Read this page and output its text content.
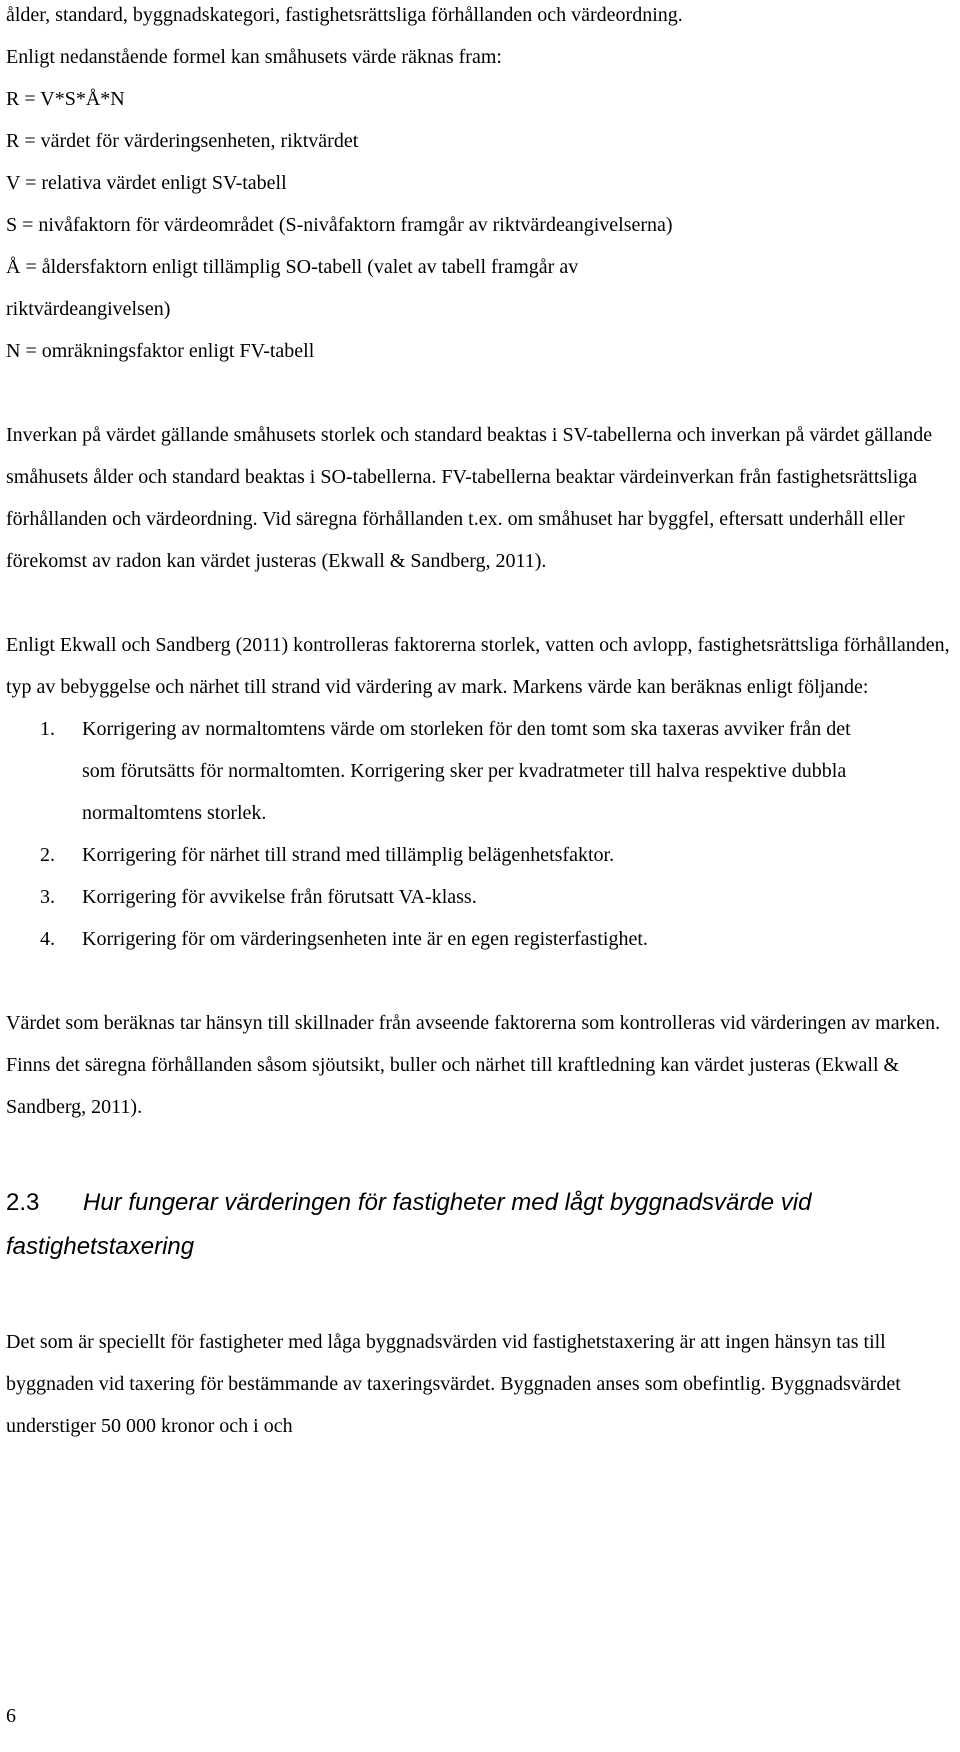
ålder, standard, byggnadskategori, fastighetsrättsliga förhållanden och värdeordning.
Enligt nedanstående formel kan småhusets värde räknas fram:
R = V*S*Å*N
R = värdet för värderingsenheten, riktvärdet
V = relativa värdet enligt SV-tabell
S = nivåfaktorn för värdeområdet (S-nivåfaktorn framgår av riktvärdeangivelserna)
Å = åldersfaktorn enligt tillämplig SO-tabell (valet av tabell framgår av
riktvärdeangivelsen)
N = omräkningsfaktor enligt FV-tabell
Inverkan på värdet gällande småhusets storlek och standard beaktas i SV-tabellerna och inverkan på värdet gällande småhusets ålder och standard beaktas i SO-tabellerna. FV-tabellerna beaktar värdeinverkan från fastighetsrättsliga förhållanden och värdeordning. Vid säregna förhållanden t.ex. om småhuset har byggfel, eftersatt underhåll eller förekomst av radon kan värdet justeras (Ekwall & Sandberg, 2011).
Enligt Ekwall och Sandberg (2011) kontrolleras faktorerna storlek, vatten och avlopp, fastighetsrättsliga förhållanden, typ av bebyggelse och närhet till strand vid värdering av mark. Markens värde kan beräknas enligt följande:
1. Korrigering av normaltomtens värde om storleken för den tomt som ska taxeras avviker från det som förutsätts för normaltomten. Korrigering sker per kvadratmeter till halva respektive dubbla normaltomtens storlek.
2. Korrigering för närhet till strand med tillämplig belägenhetsfaktor.
3. Korrigering för avvikelse från förutsatt VA-klass.
4. Korrigering för om värderingsenheten inte är en egen registerfastighet.
Värdet som beräknas tar hänsyn till skillnader från avseende faktorerna som kontrolleras vid värderingen av marken. Finns det säregna förhållanden såsom sjöutsikt, buller och närhet till kraftledning kan värdet justeras (Ekwall & Sandberg, 2011).
2.3 Hur fungerar värderingen för fastigheter med lågt byggnadsvärde vid fastighetstaxering
Det som är speciellt för fastigheter med låga byggnadsvärden vid fastighetstaxering är att ingen hänsyn tas till byggnaden vid taxering för bestämmande av taxeringsvärdet. Byggnaden anses som obefintlig. Byggnadsvärdet understiger 50 000 kronor och i och
6
